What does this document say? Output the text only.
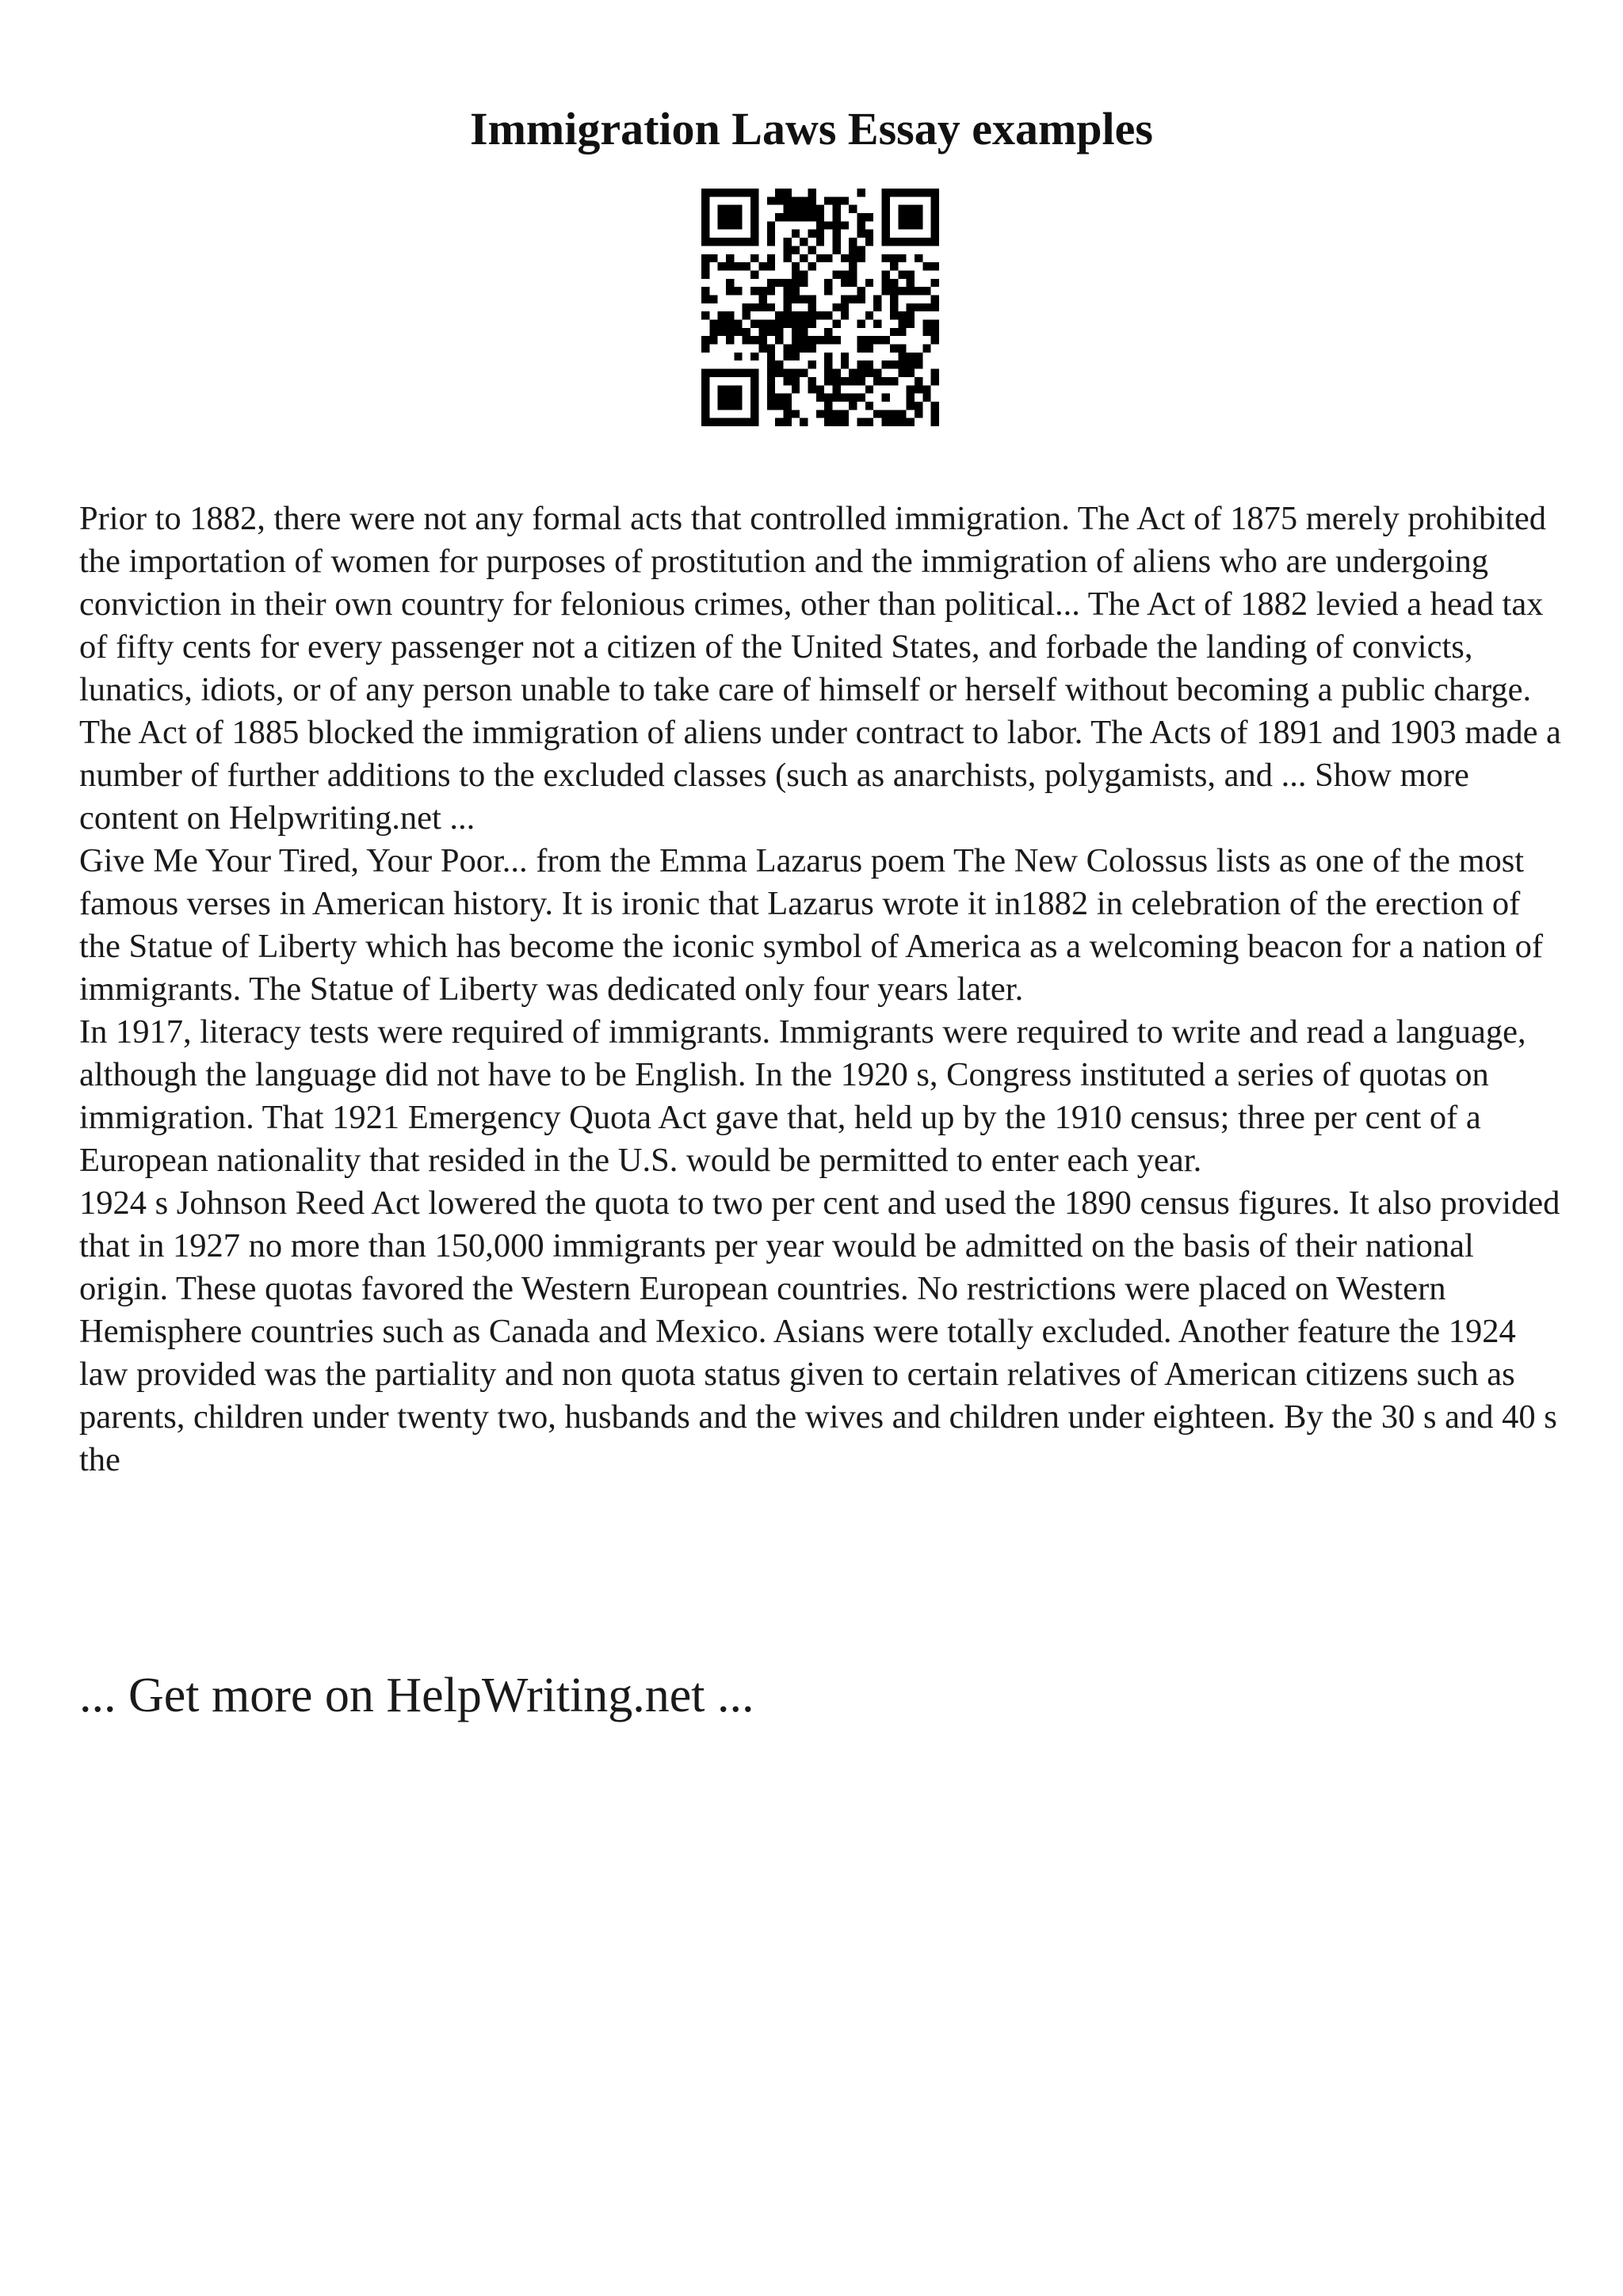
Immigration Laws Essay examples

Prior to 1882, there were not any formal acts that controlled immigration. The Act of 1875 merely prohibited the importation of women for purposes of prostitution and the immigration of aliens who are undergoing conviction in their own country for felonious crimes, other than political... The Act of 1882 levied a head tax of fifty cents for every passenger not a citizen of the United States, and forbade the landing of convicts, lunatics, idiots, or of any person unable to take care of himself or herself without becoming a public charge.

The Act of 1885 blocked the immigration of aliens under contract to labor. The Acts of 1891 and 1903 made a number of further additions to the excluded classes (such as anarchists, polygamists, and ... Show more content on Helpwriting.net ...

Give Me Your Tired, Your Poor... from the Emma Lazarus poem The New Colossus lists as one of the most famous verses in American history. It is ironic that Lazarus wrote it in1882 in celebration of the erection of the Statue of Liberty which has become the iconic symbol of America as a welcoming beacon for a nation of immigrants. The Statue of Liberty was dedicated only four years later.

In 1917, literacy tests were required of immigrants. Immigrants were required to write and read a language, although the language did not have to be English. In the 1920 s, Congress instituted a series of quotas on immigration. That 1921 Emergency Quota Act gave that, held up by the 1910 census; three per cent of a European nationality that resided in the U.S. would be permitted to enter each year.

1924 s Johnson Reed Act lowered the quota to two per cent and used the 1890 census figures. It also provided that in 1927 no more than 150,000 immigrants per year would be admitted on the basis of their national origin. These quotas favored the Western European countries. No restrictions were placed on Western Hemisphere countries such as Canada and Mexico. Asians were totally excluded. Another feature the 1924 law provided was the partiality and non quota status given to certain relatives of American citizens such as parents, children under twenty two, husbands and the wives and children under eighteen. By the 30 s and 40 s the

... Get more on HelpWriting.net ...
